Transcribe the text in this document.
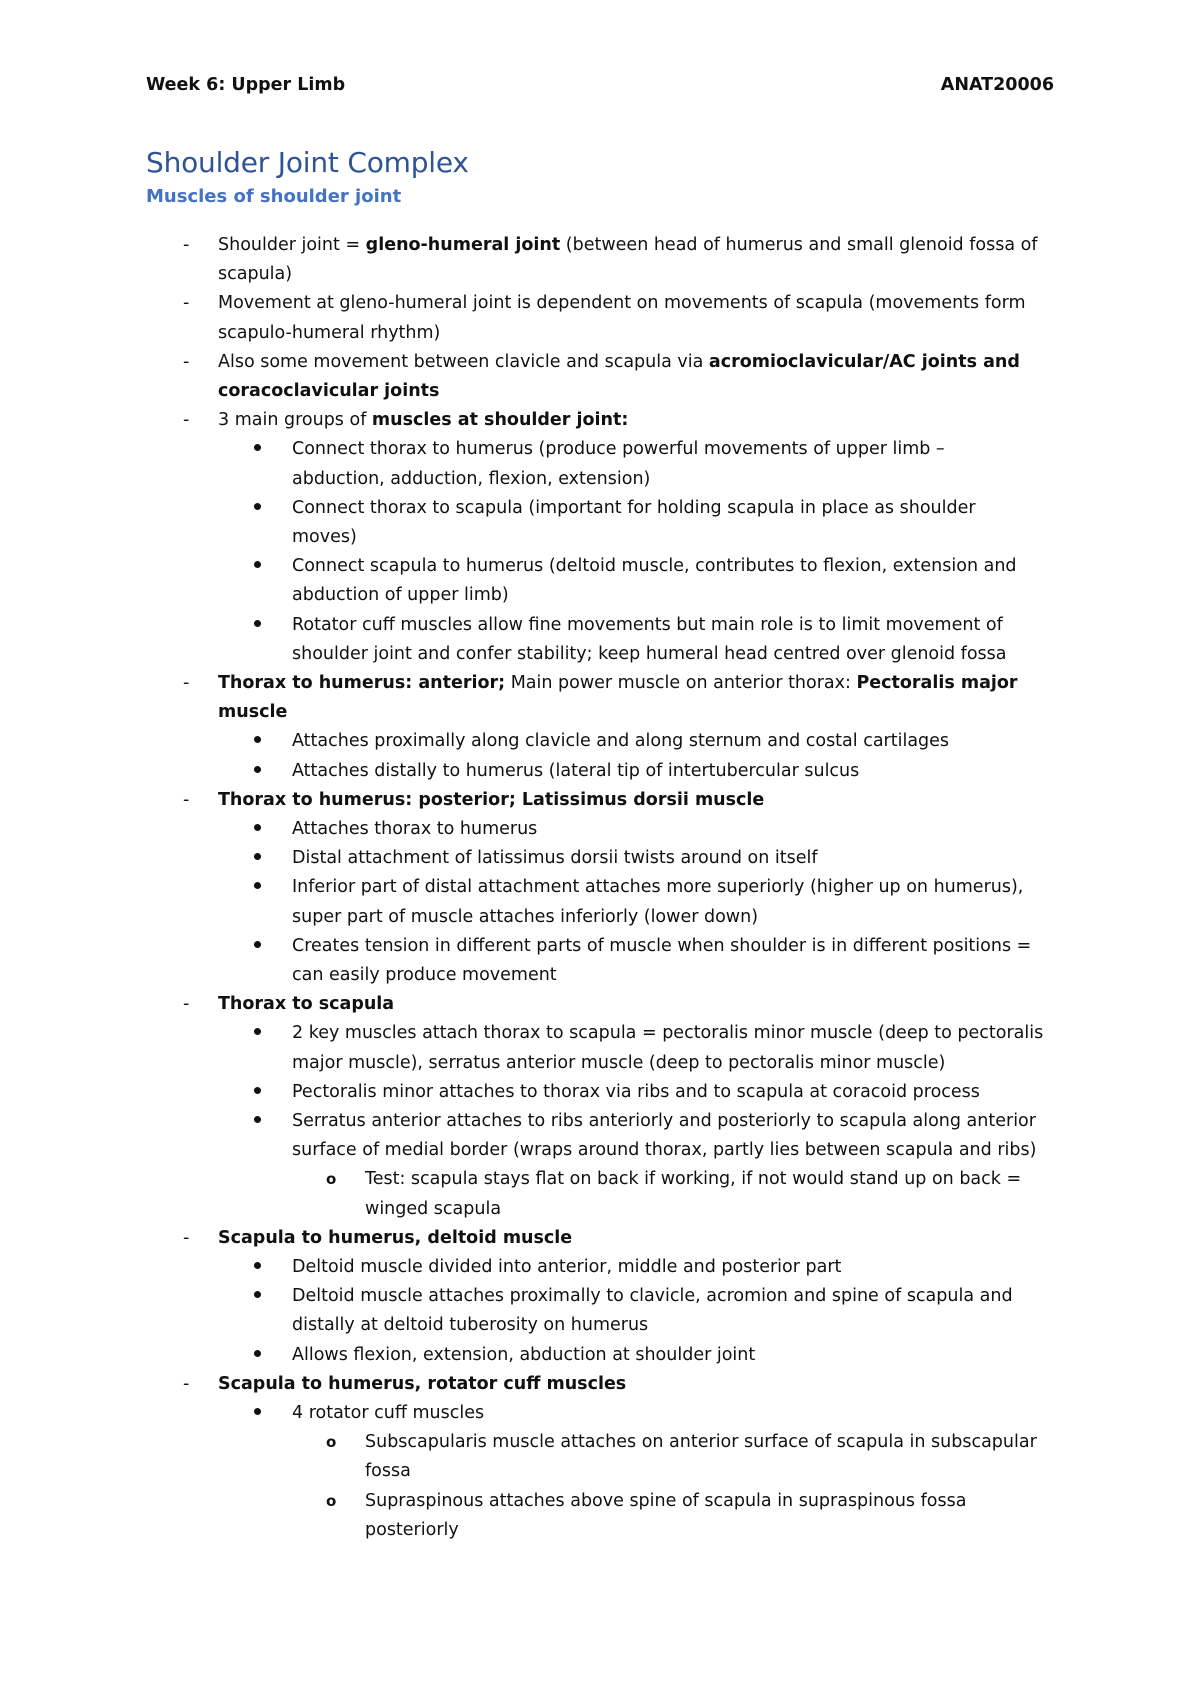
Week 6: Upper Limb	ANAT20006
Shoulder Joint Complex
Muscles of shoulder joint
- Shoulder joint = gleno-humeral joint (between head of humerus and small glenoid fossa of
scapula)
- Movement at gleno-humeral joint is dependent on movements of scapula (movements form
scapulo-humeral rhythm)
- Also some movement between clavicle and scapula via acromioclavicular/AC joints and
coracoclavicular joints
- 3 main groups of muscles at shoulder joint:
Connect thorax to humerus (produce powerful movements of upper limb –
abduction, adduction, flexion, extension)
Connect thorax to scapula (important for holding scapula in place as shoulder
moves)
Connect scapula to humerus (deltoid muscle, contributes to flexion, extension and
abduction of upper limb)
Rotator cuff muscles allow fine movements but main role is to limit movement of
shoulder joint and confer stability; keep humeral head centred over glenoid fossa
- Thorax to humerus: anterior; Main power muscle on anterior thorax: Pectoralis major
muscle
Attaches proximally along clavicle and along sternum and costal cartilages
Attaches distally to humerus (lateral tip of intertubercular sulcus
- Thorax to humerus: posterior; Latissimus dorsii muscle
Attaches thorax to humerus
Distal attachment of latissimus dorsii twists around on itself
Inferior part of distal attachment attaches more superiorly (higher up on humerus),
super part of muscle attaches inferiorly (lower down)
Creates tension in different parts of muscle when shoulder is in different positions =
can easily produce movement
- Thorax to scapula
2 key muscles attach thorax to scapula = pectoralis minor muscle (deep to pectoralis
major muscle), serratus anterior muscle (deep to pectoralis minor muscle)
Pectoralis minor attaches to thorax via ribs and to scapula at coracoid process
Serratus anterior attaches to ribs anteriorly and posteriorly to scapula along anterior
surface of medial border (wraps around thorax, partly lies between scapula and ribs)
o Test: scapula stays flat on back if working, if not would stand up on back =
winged scapula
- Scapula to humerus, deltoid muscle
Deltoid muscle divided into anterior, middle and posterior part
Deltoid muscle attaches proximally to clavicle, acromion and spine of scapula and
distally at deltoid tuberosity on humerus
Allows flexion, extension, abduction at shoulder joint
- Scapula to humerus, rotator cuff muscles
4 rotator cuff muscles
o Subscapularis muscle attaches on anterior surface of scapula in subscapular
fossa
o Supraspinous attaches above spine of scapula in supraspinous fossa
posteriorly
